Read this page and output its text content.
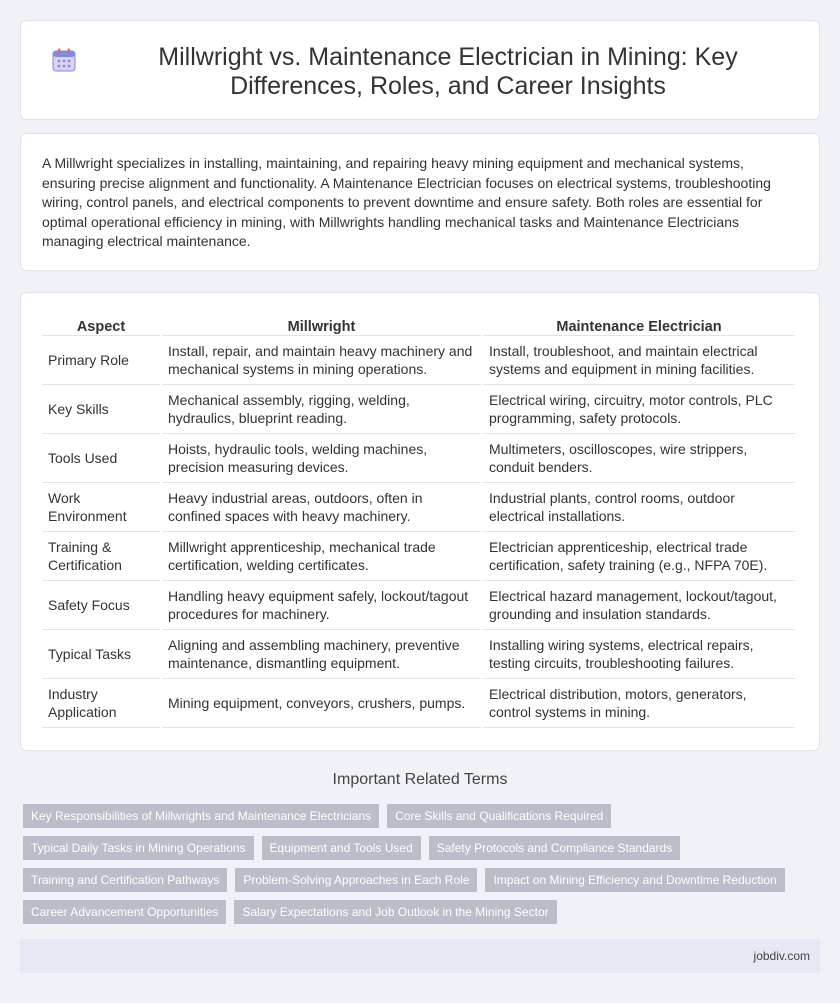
Millwright vs. Maintenance Electrician in Mining: Key Differences, Roles, and Career Insights

A Millwright specializes in installing, maintaining, and repairing heavy mining equipment and mechanical systems, ensuring precise alignment and functionality. A Maintenance Electrician focuses on electrical systems, troubleshooting wiring, control panels, and electrical components to prevent downtime and ensure safety. Both roles are essential for optimal operational efficiency in mining, with Millwrights handling mechanical tasks and Maintenance Electricians managing electrical maintenance.

Aspect	Millwright	Maintenance Electrician
Primary Role	Install, repair, and maintain heavy machinery and mechanical systems in mining operations.	Install, troubleshoot, and maintain electrical systems and equipment in mining facilities.
Key Skills	Mechanical assembly, rigging, welding, hydraulics, blueprint reading.	Electrical wiring, circuitry, motor controls, PLC programming, safety protocols.
Tools Used	Hoists, hydraulic tools, welding machines, precision measuring devices.	Multimeters, oscilloscopes, wire strippers, conduit benders.
Work Environment	Heavy industrial areas, outdoors, often in confined spaces with heavy machinery.	Industrial plants, control rooms, outdoor electrical installations.
Training & Certification	Millwright apprenticeship, mechanical trade certification, welding certificates.	Electrician apprenticeship, electrical trade certification, safety training (e.g., NFPA 70E).
Safety Focus	Handling heavy equipment safely, lockout/tagout procedures for machinery.	Electrical hazard management, lockout/tagout, grounding and insulation standards.
Typical Tasks	Aligning and assembling machinery, preventive maintenance, dismantling equipment.	Installing wiring systems, electrical repairs, testing circuits, troubleshooting failures.
Industry Application	Mining equipment, conveyors, crushers, pumps.	Electrical distribution, motors, generators, control systems in mining.
Important Related Terms
Key Responsibilities of Millwrights and Maintenance Electricians	Core Skills and Qualifications Required
Typical Daily Tasks in Mining Operations	Equipment and Tools Used	Safety Protocols and Compliance Standards
Training and Certification Pathways	Problem-Solving Approaches in Each Role	Impact on Mining Efficiency and Downtime Reduction
Career Advancement Opportunities	Salary Expectations and Job Outlook in the Mining Sector
jobdiv.com
